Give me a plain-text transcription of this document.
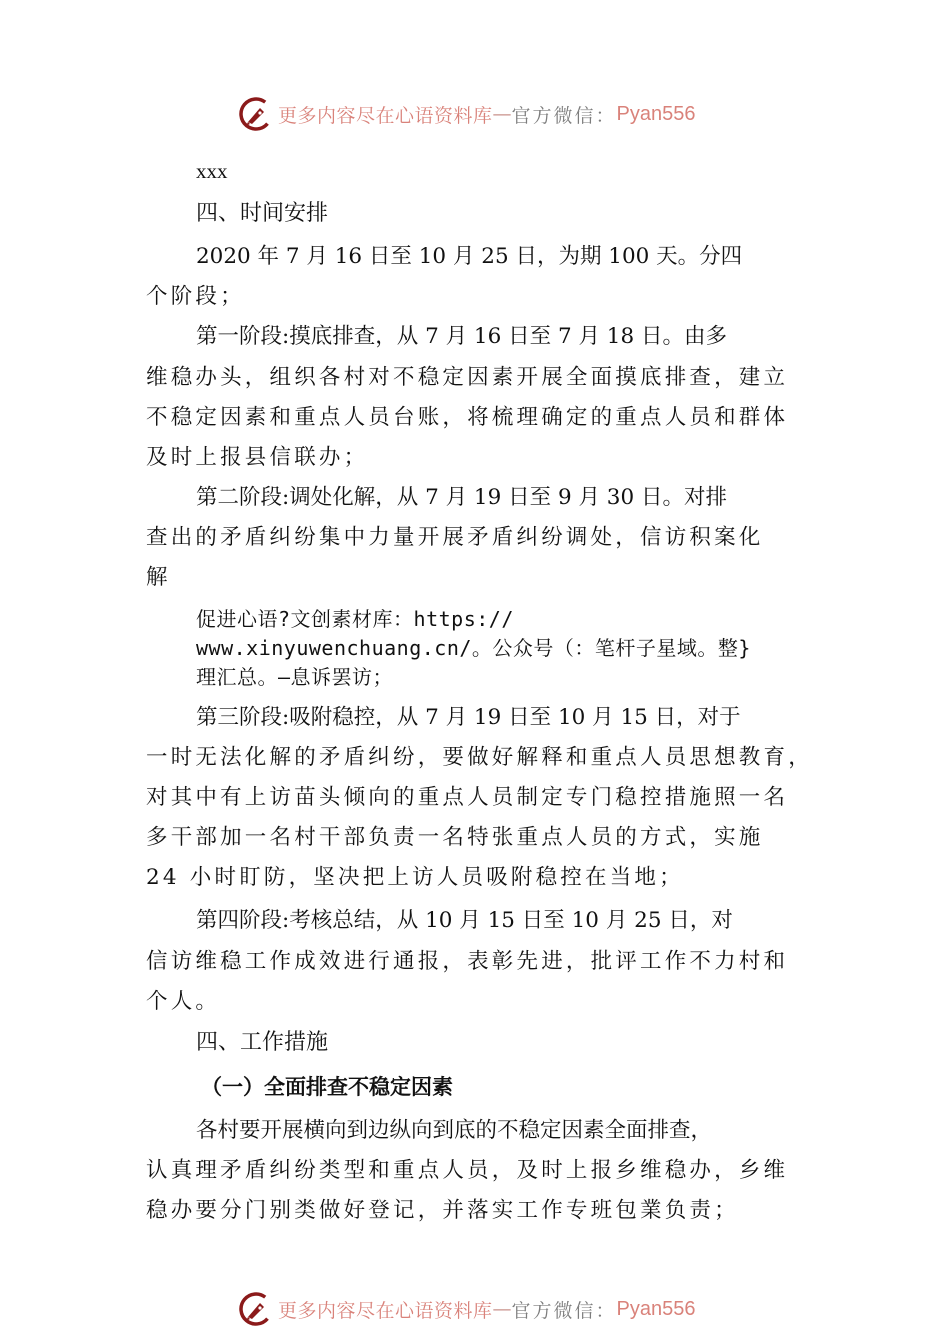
更多内容尽在心语资料库 — 官方微信： Pyan556
xxx
四、时间安排
2020 年 7 月 16 日至 10 月 25 日，为期 100 天。分四
个阶段；
第一阶段:摸底排查，从 7 月 16 日至 7 月 18 日。由多
维稳办头，组织各村对不稳定因素开展全面摸底排查，建立
不稳定因素和重点人员台账，将梳理确定的重点人员和群体
及时上报县信联办；
第二阶段:调处化解，从 7 月 19 日至 9 月 30 日。对排
查出的矛盾纠纷集中力量开展矛盾纠纷调处，信访积案化
解
促进心语?文创素材库：https://
www.xinyuwenchuang.cn/。公众号（：笔杆子星域。整}
理汇总。—息诉罢访；
第三阶段:吸附稳控，从 7 月 19 日至 10 月 15 日，对于
一时无法化解的矛盾纠纷，要做好解释和重点人员思想教育，
对其中有上访苗头倾向的重点人员制定专门稳控措施照一名
多干部加一名村干部负责一名特张重点人员的方式，实施
24 小时盯防，坚决把上访人员吸附稳控在当地；
第四阶段:考核总结，从 10 月 15 日至 10 月 25 日，对
信访维稳工作成效进行通报，表彰先进，批评工作不力村和
个人。
四、工作措施
（一）全面排查不稳定因素
各村要开展横向到边纵向到底的不稳定因素全面排查，
认真理矛盾纠纷类型和重点人员，及时上报乡维稳办，乡维
稳办要分门别类做好登记，并落实工作专班包業负责；
更多内容尽在心语资料库 — 官方微信： Pyan556
